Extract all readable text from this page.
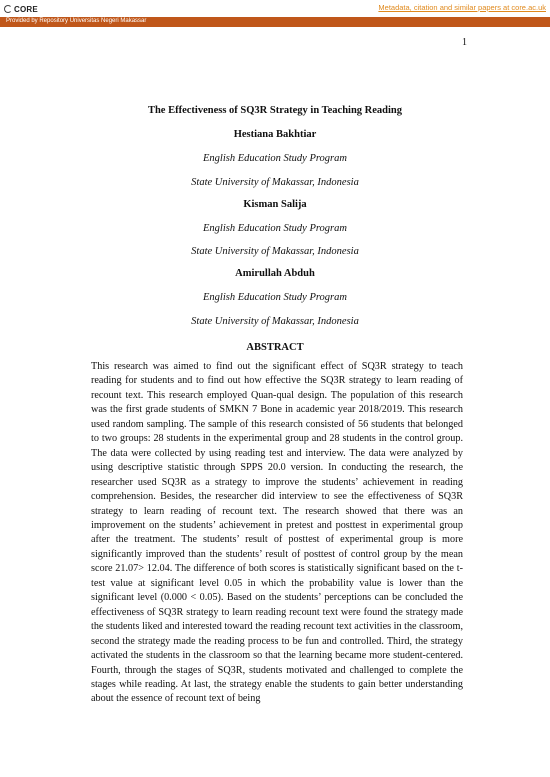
CORE	Metadata, citation and similar papers at core.ac.uk
Provided by Repository Universitas Negeri Makassar
1
The Effectiveness of SQ3R Strategy in Teaching Reading
Hestiana Bakhtiar
English Education Study Program
State University of Makassar, Indonesia
Kisman Salija
English Education Study Program
State University of Makassar, Indonesia
Amirullah Abduh
English Education Study Program
State University of Makassar, Indonesia
ABSTRACT
This research was aimed to find out the significant effect of SQ3R strategy to teach reading for students and to find out how effective the SQ3R strategy to learn reading of recount text. This research employed Quan-qual design. The population of this research was the first grade students of SMKN 7 Bone in academic year 2018/2019. This research used random sampling. The sample of this research consisted of 56 students that belonged to two groups: 28 students in the experimental group and 28 students in the control group. The data were collected by using reading test and interview. The data were analyzed by using descriptive statistic through SPPS 20.0 version. In conducting the research, the researcher used SQ3R as a strategy to improve the students’ achievement in reading comprehension. Besides, the researcher did interview to see the effectiveness of SQ3R strategy to learn reading of recount text. The research showed that there was an improvement on the students’ achievement in pretest and posttest in experimental group after the treatment. The students’ result of posttest of experimental group is more significantly improved than the students’ result of posttest of control group by the mean score 21.07> 12.04. The difference of both scores is statistically significant based on the t-test value at significant level 0.05 in which the probability value is lower than the significant level (0.000 < 0.05). Based on the students’ perceptions can be concluded the effectiveness of SQ3R strategy to learn reading recount text were found the strategy made the students liked and interested toward the reading recount text activities in the classroom, second the strategy made the reading process to be fun and controlled. Third, the strategy activated the students in the classroom so that the learning became more student-centered. Fourth, through the stages of SQ3R, students motivated and challenged to complete the stages while reading. At last, the strategy enable the students to gain better understanding about the essence of recount text of being
